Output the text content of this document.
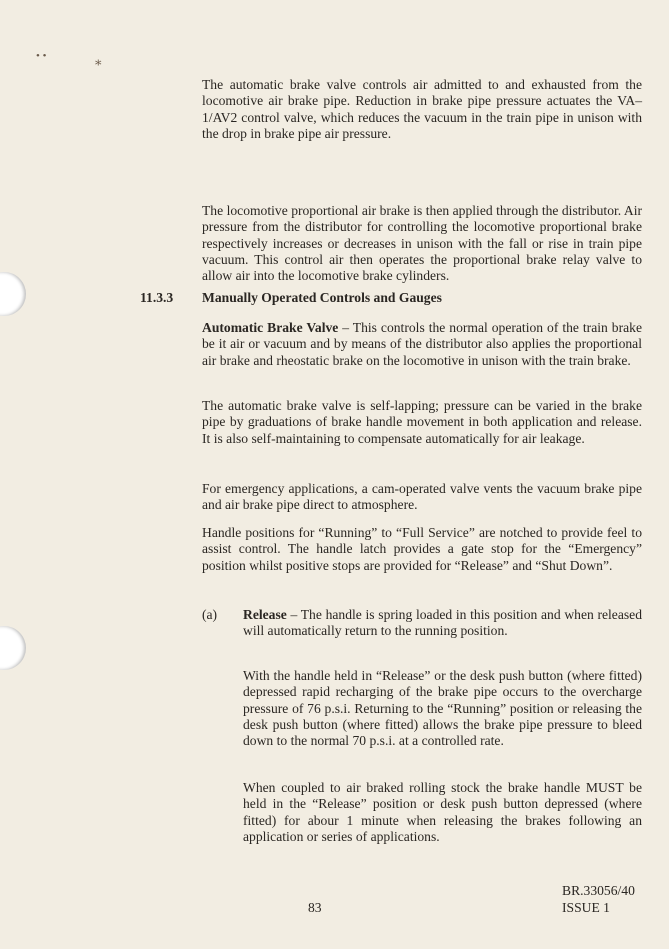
• •	⁎

The automatic brake valve controls air admitted to and exhausted from the locomotive air brake pipe. Reduction in brake pipe pressure actuates the VA–1/AV2 control valve, which reduces the vacuum in the train pipe in unison with the drop in brake pipe air pressure.

The locomotive proportional air brake is then applied through the distributor. Air pressure from the distributor for controlling the locomotive proportional brake respectively increases or decreases in unison with the fall or rise in train pipe vacuum. This control air then operates the proportional brake relay valve to allow air into the locomotive brake cylinders.

11.3.3 Manually Operated Controls and Gauges

Automatic Brake Valve – This controls the normal operation of the train brake be it air or vacuum and by means of the distributor also applies the proportional air brake and rheostatic brake on the locomotive in unison with the train brake.

The automatic brake valve is self-lapping; pressure can be varied in the brake pipe by graduations of brake handle movement in both application and release. It is also self-maintaining to compensate automatically for air leakage.

For emergency applications, a cam-operated valve vents the vacuum brake pipe and air brake pipe direct to atmosphere.

Handle positions for “Running” to “Full Service” are notched to provide feel to assist control. The handle latch provides a gate stop for the “Emergency” position whilst positive stops are provided for “Release” and “Shut Down”.

(a) Release – The handle is spring loaded in this position and when released will automatically return to the running position.

With the handle held in “Release” or the desk push button (where fitted) depressed rapid recharging of the brake pipe occurs to the overcharge pressure of 76 p.s.i. Returning to the “Running” position or releasing the desk push button (where fitted) allows the brake pipe pressure to bleed down to the normal 70 p.s.i. at a controlled rate.

When coupled to air braked rolling stock the brake handle MUST be held in the “Release” position or desk push button depressed (where fitted) for abour 1 minute when releasing the brakes following an application or series of applications.

83
BR.33056/40
ISSUE 1
